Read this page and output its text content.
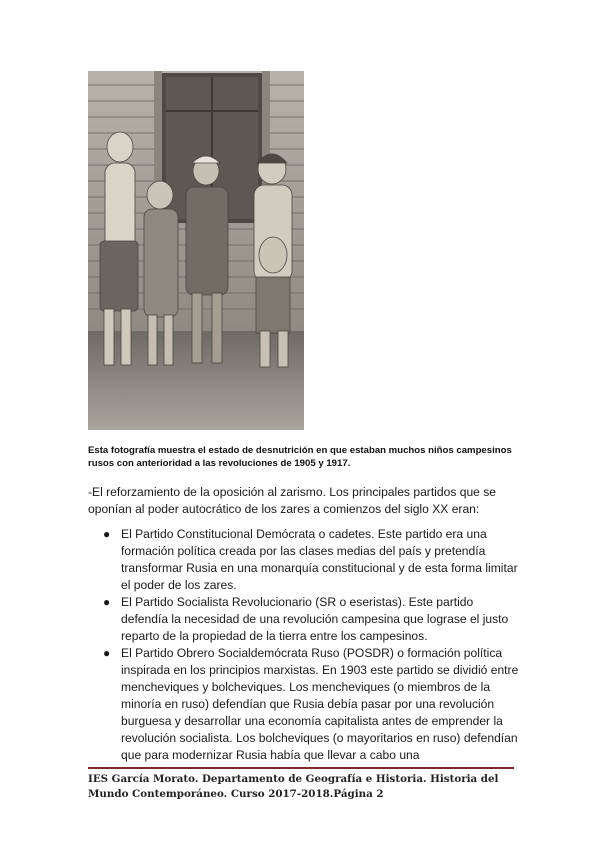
Esta fotografía muestra el estado de desnutrición en que estaban muchos niños campesinos rusos con anterioridad a las revoluciones de 1905 y 1917.

-El reforzamiento de la oposición al zarismo. Los principales partidos que se oponían al poder autocrático de los zares a comienzos del siglo XX eran:

● El Partido Constitucional Demócrata o cadetes. Este partido era una formación política creada por las clases medias del país y pretendía transformar Rusia en una monarquía constitucional y de esta forma limitar el poder de los zares.
● El Partido Socialista Revolucionario (SR o eseristas). Este partido defendía la necesidad de una revolución campesina que lograse el justo reparto de la propiedad de la tierra entre los campesinos.
● El Partido Obrero Socialdemócrata Ruso (POSDR) o formación política inspirada en los principios marxistas. En 1903 este partido se dividió entre mencheviques y bolcheviques. Los mencheviques (o miembros de la minoría en ruso) defendían que Rusia debía pasar por una revolución burguesa y desarrollar una economía capitalista antes de emprender la revolución socialista. Los bolcheviques (o mayoritarios en ruso) defendían que para modernizar Rusia había que llevar a cabo una
IES García Morato. Departamento de Geografía e Historia. Historia del Mundo Contemporáneo. Curso 2017-2018.Página 2
